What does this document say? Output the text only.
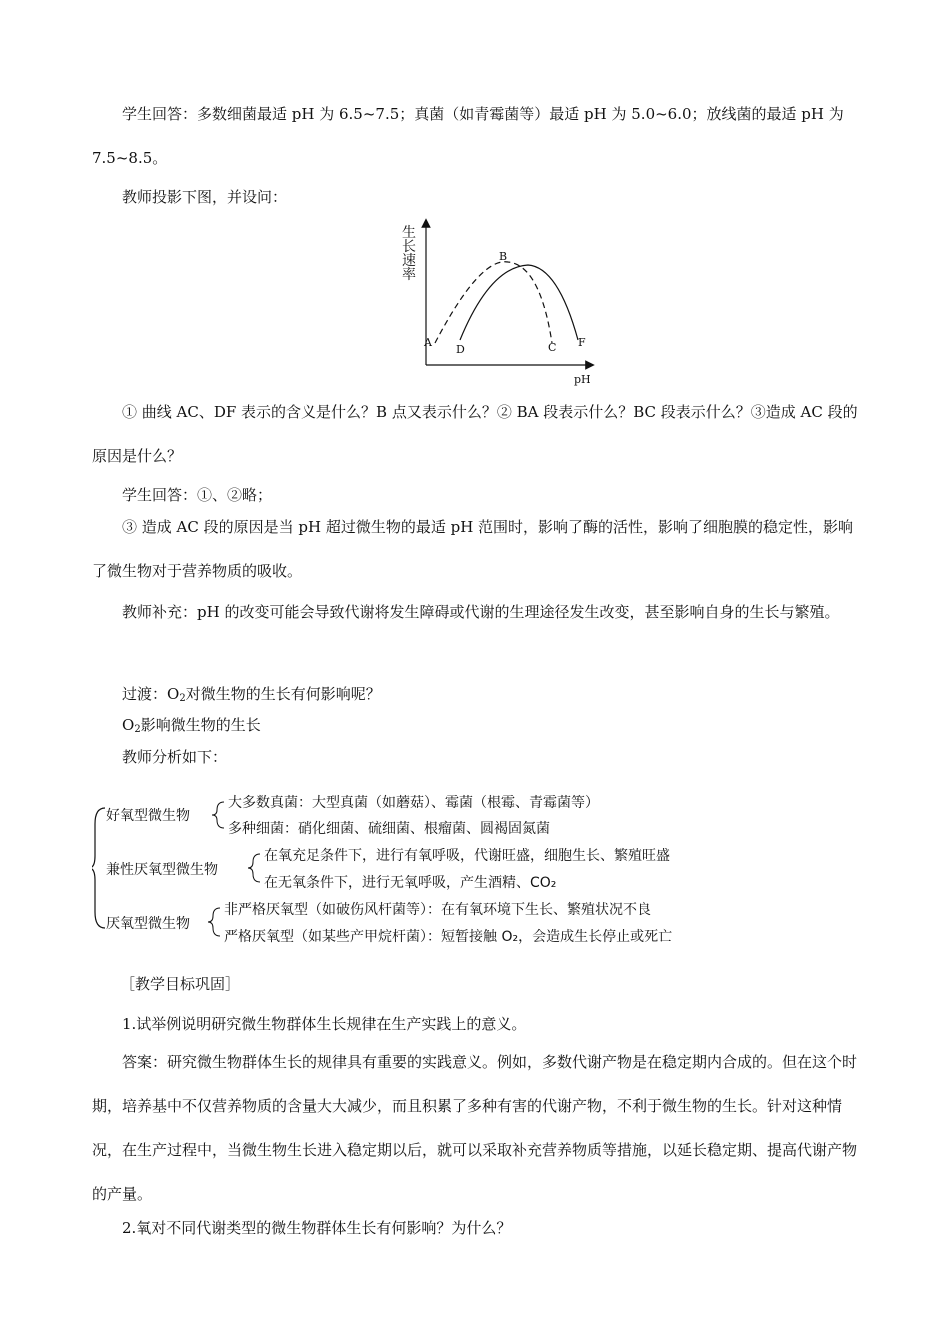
学生回答：多数细菌最适 pH 为 6.5~7.5；真菌（如青霉菌等）最适 pH 为 5.0~6.0；放线菌的最适 pH 为 7.5~8.5。

教师投影下图，并设问：

生 长 速 率
pH
A
B
C
D
F

① 曲线 AC、DF 表示的含义是什么？B 点又表示什么？② BA 段表示什么？BC 段表示什么？③造成 AC 段的原因是什么？

学生回答：①、②略；

③ 造成 AC 段的原因是当 pH 超过微生物的最适 pH 范围时，影响了酶的活性，影响了细胞膜的稳定性，影响了微生物对于营养物质的吸收。

教师补充：pH 的改变可能会导致代谢将发生障碍或代谢的生理途径发生改变，甚至影响自身的生长与繁殖。

过渡：$O_2$对微生物的生长有何影响呢？

$O_2$影响微生物的生长

教师分析如下：

好氧型微生物
大多数真菌：大型真菌（如蘑菇）、霉菌（根霉、青霉菌等）
多种细菌：硝化细菌、硫细菌、根瘤菌、圆褐固氮菌
兼性厌氧型微生物
在氧充足条件下，进行有氧呼吸，代谢旺盛，细胞生长、繁殖旺盛
在无氧条件下，进行无氧呼吸，产生酒精、CO₂
厌氧型微生物
非严格厌氧型（如破伤风杆菌等）：在有氧环境下生长、繁殖状况不良
严格厌氧型（如某些产甲烷杆菌）：短暂接触 O₂，会造成生长停止或死亡

［教学目标巩固］

1.试举例说明研究微生物群体生长规律在生产实践上的意义。

答案：研究微生物群体生长的规律具有重要的实践意义。例如，多数代谢产物是在稳定期内合成的。但在这个时期，培养基中不仅营养物质的含量大大减少，而且积累了多种有害的代谢产物，不利于微生物的生长。针对这种情况，在生产过程中，当微生物生长进入稳定期以后，就可以采取补充营养物质等措施，以延长稳定期、提高代谢产物的产量。

2.氧对不同代谢类型的微生物群体生长有何影响？为什么？
